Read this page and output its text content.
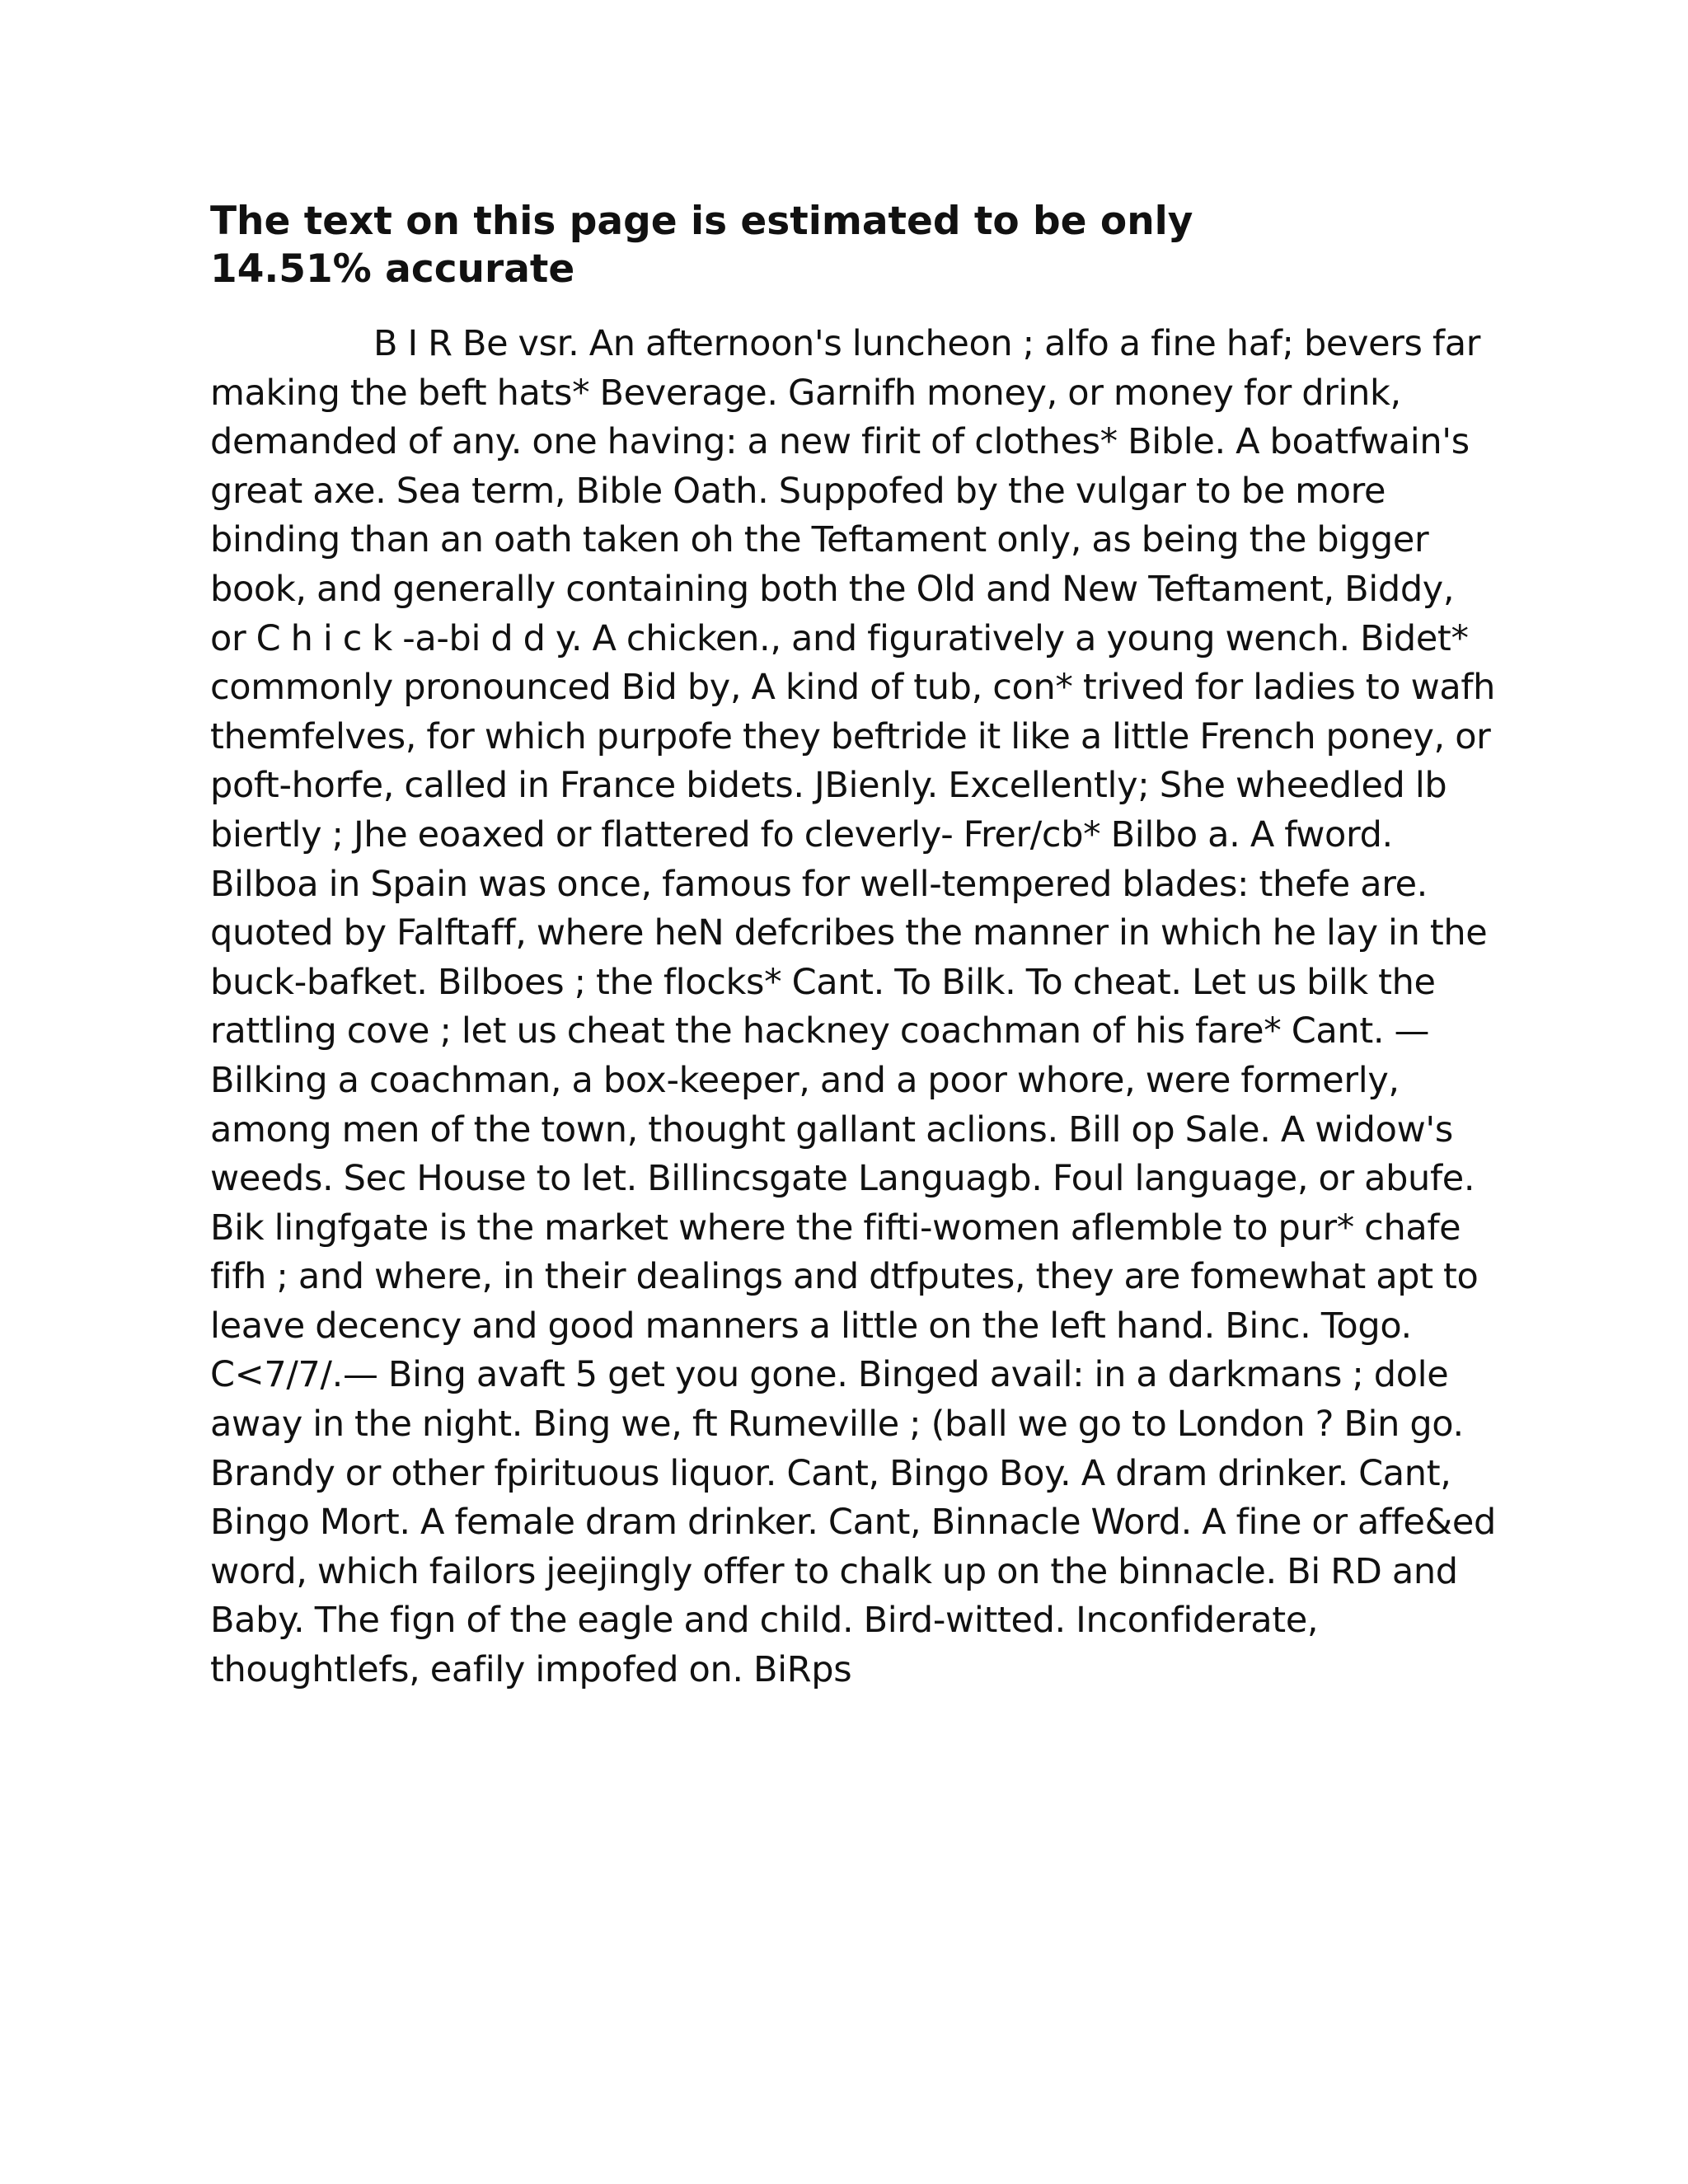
The text on this page is estimated to be only 14.51% accurate

B I R Be vsr. An afternoon's luncheon ; alfo a fine haf; bevers far making the beft hats* Beverage. Garnifh money, or money for drink, demanded of any. one having: a new firit of clothes* Bible. A boatfwain's great axe. Sea term, Bible Oath. Suppofed by the vulgar to be more binding than an oath taken oh the Teftament only, as being the bigger book, and generally containing both the Old and New Teftament, Biddy, or C h i c k -a-bi d d y. A chicken., and figuratively a young wench. Bidet* commonly pronounced Bid by, A kind of tub, con* trived for ladies to wafh themfelves, for which purpofe they beftride it like a little French poney, or poft-horfe, called in France bidets. JBienly. Excellently; She wheedled lb biertly ; Jhe eoaxed or flattered fo cleverly- Frer/cb* Bilbo a. A fword. Bilboa in Spain was once, famous for well-tempered blades: thefe are. quoted by Falftaff, where heN defcribes the manner in which he lay in the buck-bafket. Bilboes ; the flocks* Cant. To Bilk. To cheat. Let us bilk the rattling cove ; let us cheat the hackney coachman of his fare* Cant. — Bilking a coachman, a box-keeper, and a poor whore, were formerly, among men of the town, thought gallant aclions. Bill op Sale. A widow's weeds. Sec House to let. Billincsgate Languagb. Foul language, or abufe. Bik lingfgate is the market where the fifti-women aflemble to pur* chafe fifh ; and where, in their dealings and dtfputes, they are fomewhat apt to leave decency and good manners a little on the left hand. Binc. Togo. C<7/7/.— Bing avaft 5 get you gone. Binged avail: in a darkmans ; dole away in the night. Bing we, ft Rumeville ; (ball we go to London ? Bin go. Brandy or other fpirituous liquor. Cant, Bingo Boy. A dram drinker. Cant, Bingo Mort. A female dram drinker. Cant, Binnacle Word. A fine or affe&ed word, which failors jeejingly offer to chalk up on the binnacle. Bi RD and Baby. The fign of the eagle and child. Bird-witted. Inconfiderate, thoughtlefs, eafily impofed on. BiRps
